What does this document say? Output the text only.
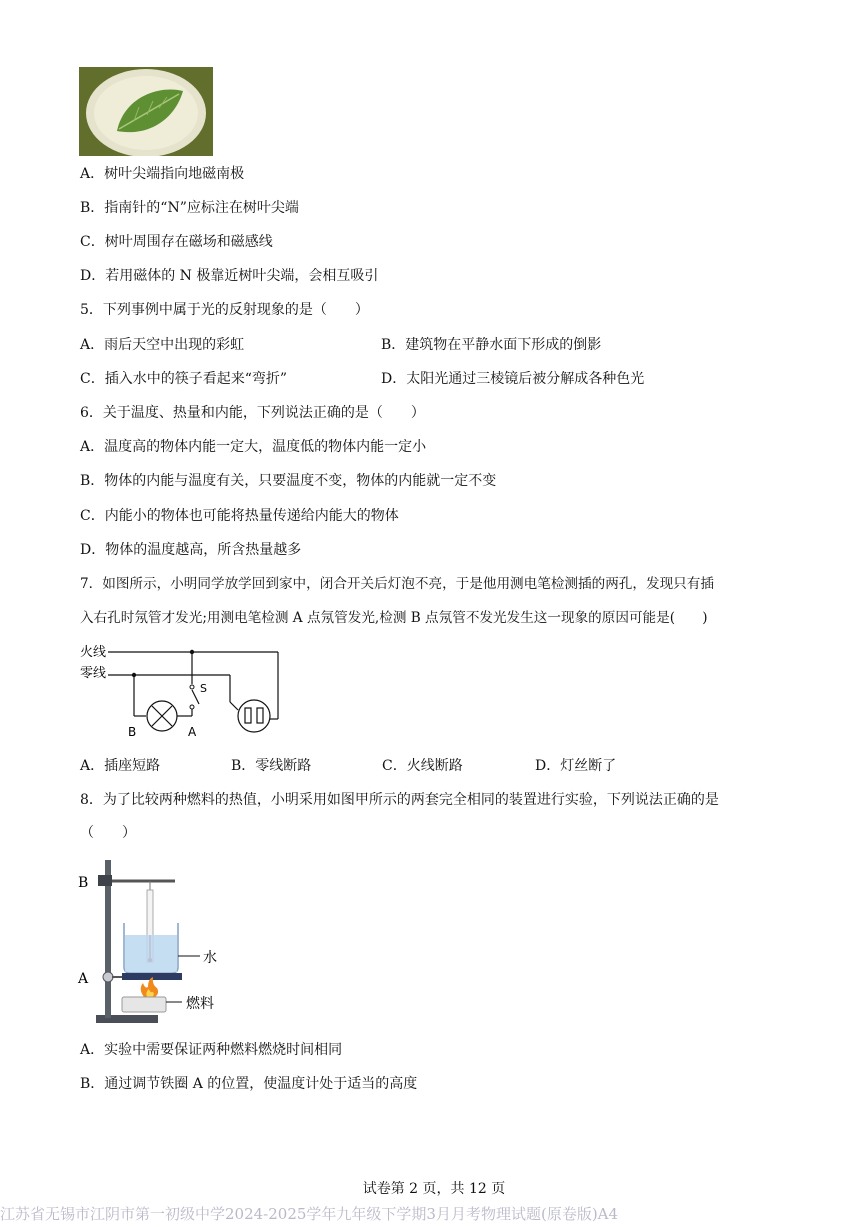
A．树叶尖端指向地磁南极
B．指南针的“N”应标注在树叶尖端
C．树叶周围存在磁场和磁感线
D．若用磁体的 N 极靠近树叶尖端，会相互吸引
5．下列事例中属于光的反射现象的是（　　）
A．雨后天空中出现的彩虹	B．建筑物在平静水面下形成的倒影
C．插入水中的筷子看起来“弯折”	D．太阳光通过三棱镜后被分解成各种色光
6．关于温度、热量和内能，下列说法正确的是（　　）
A．温度高的物体内能一定大，温度低的物体内能一定小
B．物体的内能与温度有关，只要温度不变，物体的内能就一定不变
C．内能小的物体也可能将热量传递给内能大的物体
D．物体的温度越高，所含热量越多
7．如图所示，小明同学放学回到家中，闭合开关后灯泡不亮，于是他用测电笔检测插的两孔，发现只有插
入右孔时氖管才发光;用测电笔检测 A 点氖管发光,检测 B 点氖管不发光发生这一现象的原因可能是(　　)
火线
零线
S
B	A
A．插座短路	B．零线断路	C．火线断路	D．灯丝断了
8．为了比较两种燃料的热值，小明采用如图甲所示的两套完全相同的装置进行实验，下列说法正确的是
（　　）
B
水
A
燃料
A．实验中需要保证两种燃料燃烧时间相同
B．通过调节铁圈 A 的位置，使温度计处于适当的高度
试卷第 2 页，共 12 页
江苏省无锡市江阴市第一初级中学2024-2025学年九年级下学期3月月考物理试题(原卷版)A4
